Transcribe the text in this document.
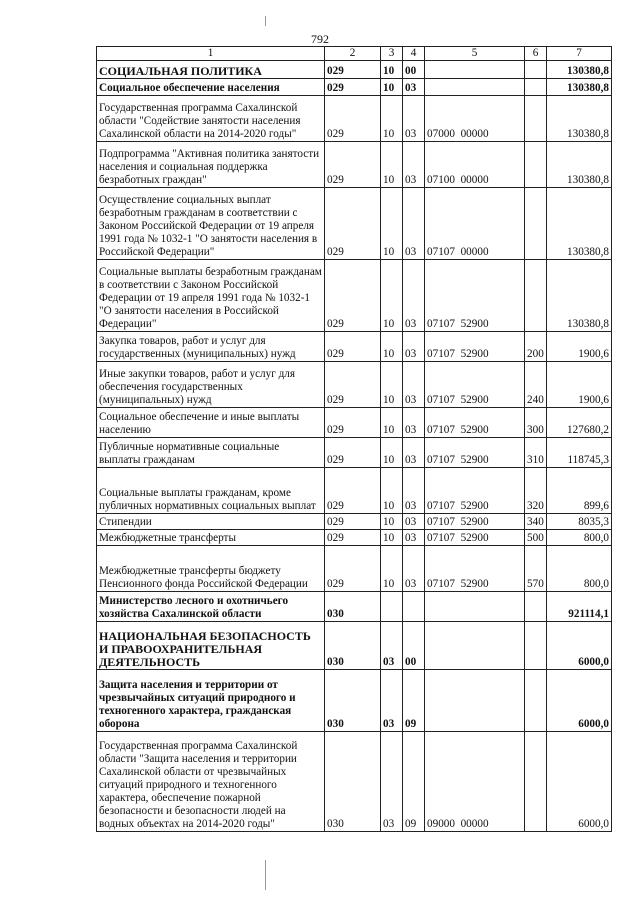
792
1	2	3	4	5	6	7
СОЦИАЛЬНАЯ ПОЛИТИКА	029	10	00			130380,8
Социальное обеспечение населения	029	10	03			130380,8
Государственная программа Сахалинской области "Содействие занятости населения Сахалинской области на 2014-2020 годы"	029	10	03	07000  00000		130380,8
Подпрограмма "Активная политика занятости населения и социальная поддержка безработных граждан"	029	10	03	07100  00000		130380,8
Осуществление социальных выплат безработным гражданам в соответствии с Законом Российской Федерации от 19 апреля 1991 года № 1032-1 "О занятости населения в Российской Федерации"	029	10	03	07107  00000		130380,8
Социальные выплаты безработным гражданам в соответствии с Законом Российской Федерации от 19 апреля 1991 года № 1032-1 "О занятости населения в Российской Федерации"	029	10	03	07107  52900		130380,8
Закупка товаров, работ и услуг для государственных (муниципальных) нужд	029	10	03	07107  52900	200	1900,6
Иные закупки товаров, работ и услуг для обеспечения государственных (муниципальных) нужд	029	10	03	07107  52900	240	1900,6
Социальное обеспечение и иные выплаты населению	029	10	03	07107  52900	300	127680,2
Публичные нормативные социальные выплаты гражданам	029	10	03	07107  52900	310	118745,3
Социальные выплаты гражданам, кроме публичных нормативных социальных выплат	029	10	03	07107  52900	320	899,6
Стипендии	029	10	03	07107  52900	340	8035,3
Межбюджетные трансферты	029	10	03	07107  52900	500	800,0
Межбюджетные трансферты бюджету Пенсионного фонда Российской Федерации	029	10	03	07107  52900	570	800,0
Министерство лесного и охотничьего хозяйства Сахалинской области	030					921114,1
НАЦИОНАЛЬНАЯ БЕЗОПАСНОСТЬ И ПРАВООХРАНИТЕЛЬНАЯ ДЕЯТЕЛЬНОСТЬ	030	03	00			6000,0
Защита населения и территории от чрезвычайных ситуаций природного и техногенного характера, гражданская оборона	030	03	09			6000,0
Государственная программа Сахалинской области "Защита населения и территории Сахалинской области от чрезвычайных ситуаций природного и техногенного характера, обеспечение пожарной безопасности и безопасности людей на водных объектах на 2014-2020 годы"	030	03	09	09000  00000		6000,0
